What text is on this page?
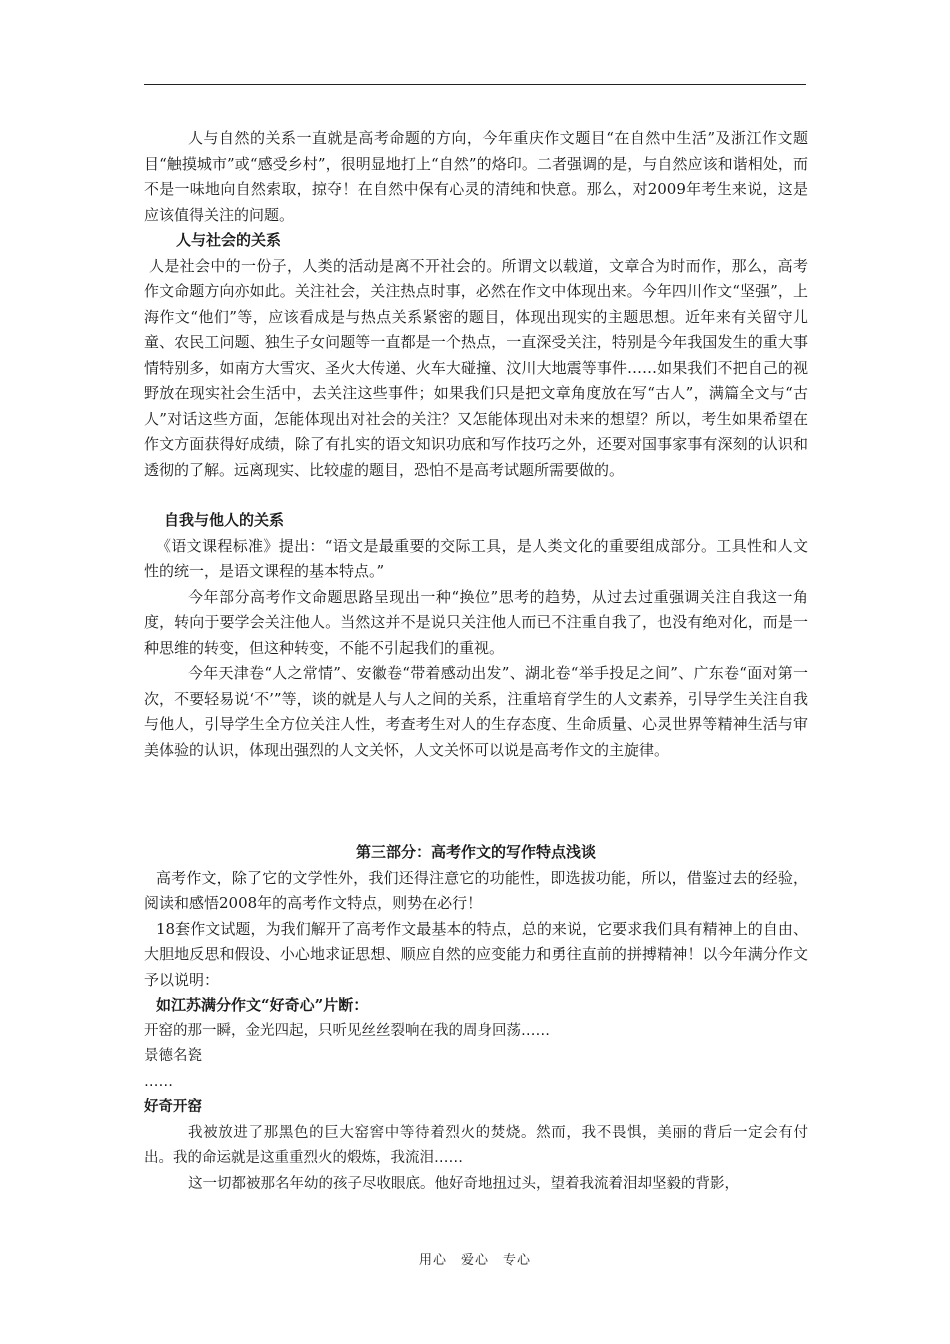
人与自然的关系一直就是高考命题的方向，今年重庆作文题目“在自然中生活”及浙江作文题目“触摸城市”或“感受乡村”，很明显地打上“自然”的烙印。二者强调的是，与自然应该和谐相处，而不是一味地向自然索取，掠夺！在自然中保有心灵的清纯和快意。那么，对2009年考生来说，这是应该值得关注的问题。

人与社会的关系

人是社会中的一份子，人类的活动是离不开社会的。所谓文以载道，文章合为时而作，那么，高考作文命题方向亦如此。关注社会，关注热点时事，必然在作文中体现出来。今年四川作文“坚强”，上海作文“他们”等，应该看成是与热点关系紧密的题目，体现出现实的主题思想。近年来有关留守儿童、农民工问题、独生子女问题等一直都是一个热点，一直深受关注，特别是今年我国发生的重大事情特别多，如南方大雪灾、圣火大传递、火车大碰撞、汶川大地震等事件……如果我们不把自己的视野放在现实社会生活中，去关注这些事件；如果我们只是把文章角度放在写“古人”，满篇全文与“古人”对话这些方面，怎能体现出对社会的关注？又怎能体现出对未来的想望？所以，考生如果希望在作文方面获得好成绩，除了有扎实的语文知识功底和写作技巧之外，还要对国事家事有深刻的认识和透彻的了解。远离现实、比较虚的题目，恐怕不是高考试题所需要做的。

自我与他人的关系

《语文课程标准》提出：“语文是最重要的交际工具，是人类文化的重要组成部分。工具性和人文性的统一，是语文课程的基本特点。”

今年部分高考作文命题思路呈现出一种“换位”思考的趋势，从过去过重强调关注自我这一角度，转向于要学会关注他人。当然这并不是说只关注他人而已不注重自我了，也没有绝对化，而是一种思维的转变，但这种转变，不能不引起我们的重视。

今年天津卷“人之常情”、安徽卷“带着感动出发”、湖北卷“举手投足之间”、广东卷“面对第一次，不要轻易说‘不’”等，谈的就是人与人之间的关系，注重培育学生的人文素养，引导学生关注自我与他人，引导学生全方位关注人性，考查考生对人的生存态度、生命质量、心灵世界等精神生活与审美体验的认识，体现出强烈的人文关怀，人文关怀可以说是高考作文的主旋律。

第三部分：高考作文的写作特点浅谈

高考作文，除了它的文学性外，我们还得注意它的功能性，即选拔功能，所以，借鉴过去的经验，阅读和感悟2008年的高考作文特点，则势在必行！

18套作文试题，为我们解开了高考作文最基本的特点，总的来说，它要求我们具有精神上的自由、大胆地反思和假设、小心地求证思想、顺应自然的应变能力和勇往直前的拼搏精神！以今年满分作文予以说明：

如江苏满分作文“好奇心”片断：

开窑的那一瞬，金光四起，只听见丝丝裂响在我的周身回荡……

景德名瓷

……

好奇开窑

我被放进了那黑色的巨大窑窖中等待着烈火的焚烧。然而，我不畏惧，美丽的背后一定会有付出。我的命运就是这重重烈火的煅炼，我流泪……

这一切都被那名年幼的孩子尽收眼底。他好奇地扭过头，望着我流着泪却坚毅的背影，

用心　爱心　专心
